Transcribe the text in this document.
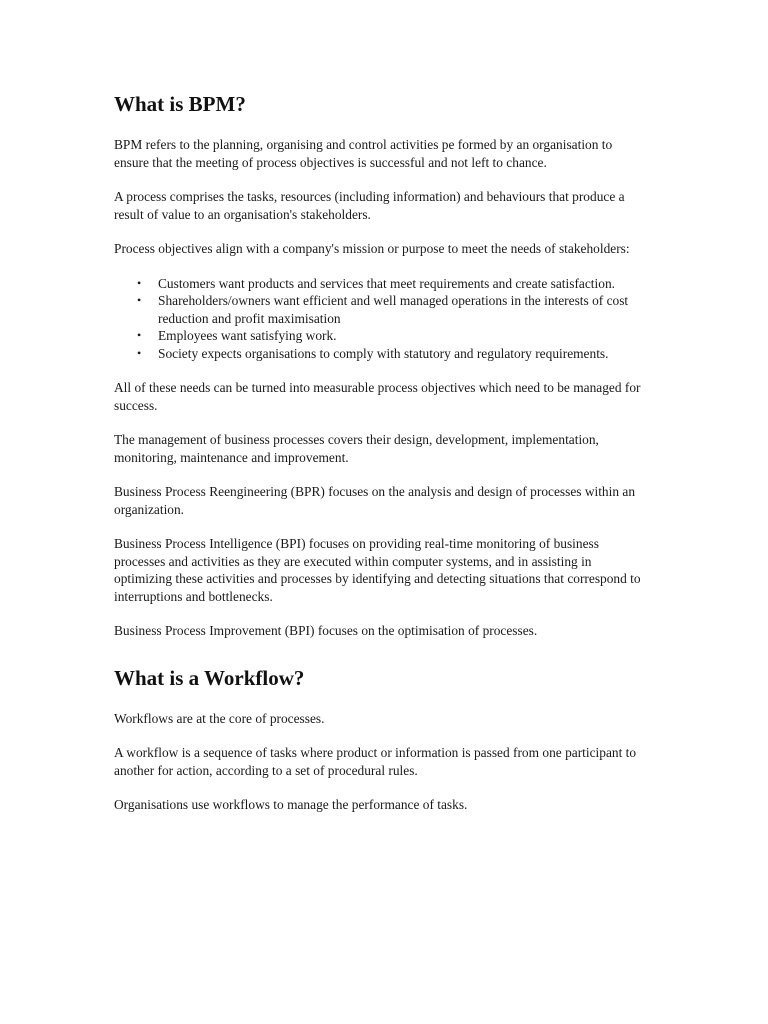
What is BPM?

BPM refers to the planning, organising and control activities pe formed by an organisation to ensure that the meeting of process objectives is successful and not left to chance.

A process comprises the tasks, resources (including information) and behaviours that produce a result of value to an organisation's stakeholders.

Process objectives align with a company's mission or purpose to meet the needs of stakeholders:

• Customers want products and services that meet requirements and create satisfaction.
• Shareholders/owners want efficient and well managed operations in the interests of cost reduction and profit maximisation
• Employees want satisfying work.
• Society expects organisations to comply with statutory and regulatory requirements.

All of these needs can be turned into measurable process objectives which need to be managed for success.

The management of business processes covers their design, development, implementation, monitoring, maintenance and improvement.

Business Process Reengineering (BPR) focuses on the analysis and design of processes within an organization.

Business Process Intelligence (BPI) focuses on providing real-time monitoring of business processes and activities as they are executed within computer systems, and in assisting in optimizing these activities and processes by identifying and detecting situations that correspond to interruptions and bottlenecks.

Business Process Improvement (BPI) focuses on the optimisation of processes.

What is a Workflow?

Workflows are at the core of processes.

A workflow is a sequence of tasks where product or information is passed from one participant to another for action, according to a set of procedural rules.

Organisations use workflows to manage the performance of tasks.
